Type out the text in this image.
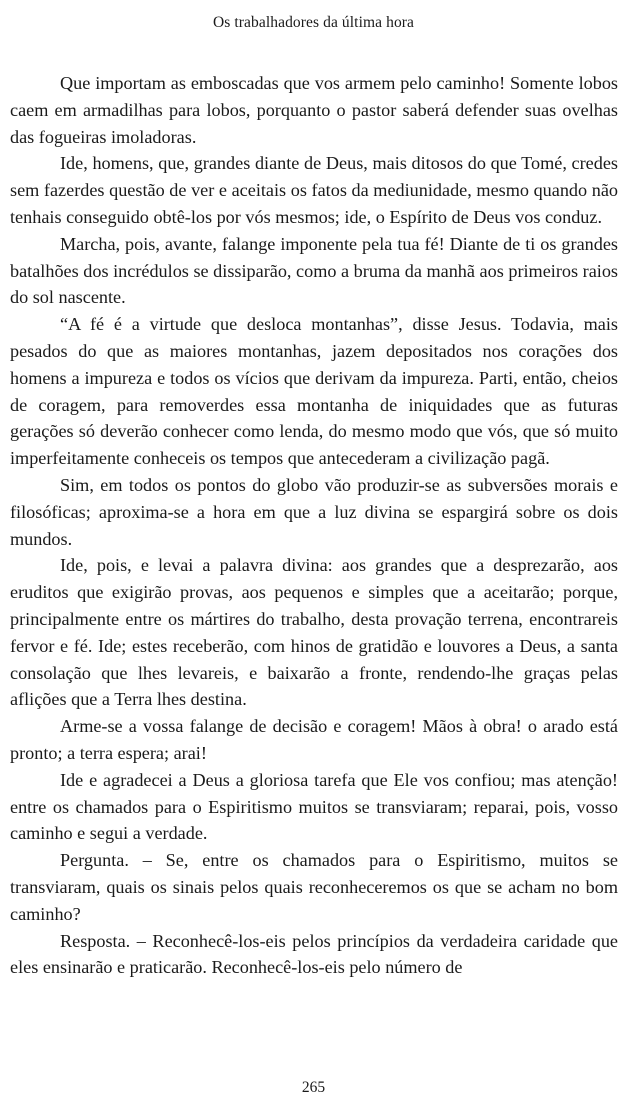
Os trabalhadores da última hora

Que importam as emboscadas que vos armem pelo caminho! Somente lobos caem em armadilhas para lobos, porquanto o pastor saberá defender suas ovelhas das fogueiras imoladoras.

Ide, homens, que, grandes diante de Deus, mais ditosos do que Tomé, credes sem fazerdes questão de ver e aceitais os fatos da mediunidade, mesmo quando não tenhais conseguido obtê-los por vós mesmos; ide, o Espírito de Deus vos conduz.

Marcha, pois, avante, falange imponente pela tua fé! Diante de ti os grandes batalhões dos incrédulos se dissiparão, como a bruma da manhã aos primeiros raios do sol nascente.

“A fé é a virtude que desloca montanhas”, disse Jesus. Todavia, mais pesados do que as maiores montanhas, jazem depositados nos corações dos homens a impureza e todos os vícios que derivam da impureza. Parti, então, cheios de coragem, para removerdes essa montanha de iniquidades que as futuras gerações só deverão conhecer como lenda, do mesmo modo que vós, que só muito imperfeitamente conheceis os tempos que antecederam a civilização pagã.

Sim, em todos os pontos do globo vão produzir-se as subversões morais e filosóficas; aproxima-se a hora em que a luz divina se espargirá sobre os dois mundos.

Ide, pois, e levai a palavra divina: aos grandes que a desprezarão, aos eruditos que exigirão provas, aos pequenos e simples que a aceitarão; porque, principalmente entre os mártires do trabalho, desta provação terrena, encontrareis fervor e fé. Ide; estes receberão, com hinos de gratidão e louvores a Deus, a santa consolação que lhes levareis, e baixarão a fronte, rendendo-lhe graças pelas aflições que a Terra lhes destina.

Arme-se a vossa falange de decisão e coragem! Mãos à obra! o arado está pronto; a terra espera; arai!

Ide e agradecei a Deus a gloriosa tarefa que Ele vos confiou; mas atenção! entre os chamados para o Espiritismo muitos se transviaram; reparai, pois, vosso caminho e segui a verdade.

Pergunta. – Se, entre os chamados para o Espiritismo, muitos se transviaram, quais os sinais pelos quais reconheceremos os que se acham no bom caminho?

Resposta. – Reconhecê-los-eis pelos princípios da verdadeira caridade que eles ensinarão e praticarão. Reconhecê-los-eis pelo número de

265
